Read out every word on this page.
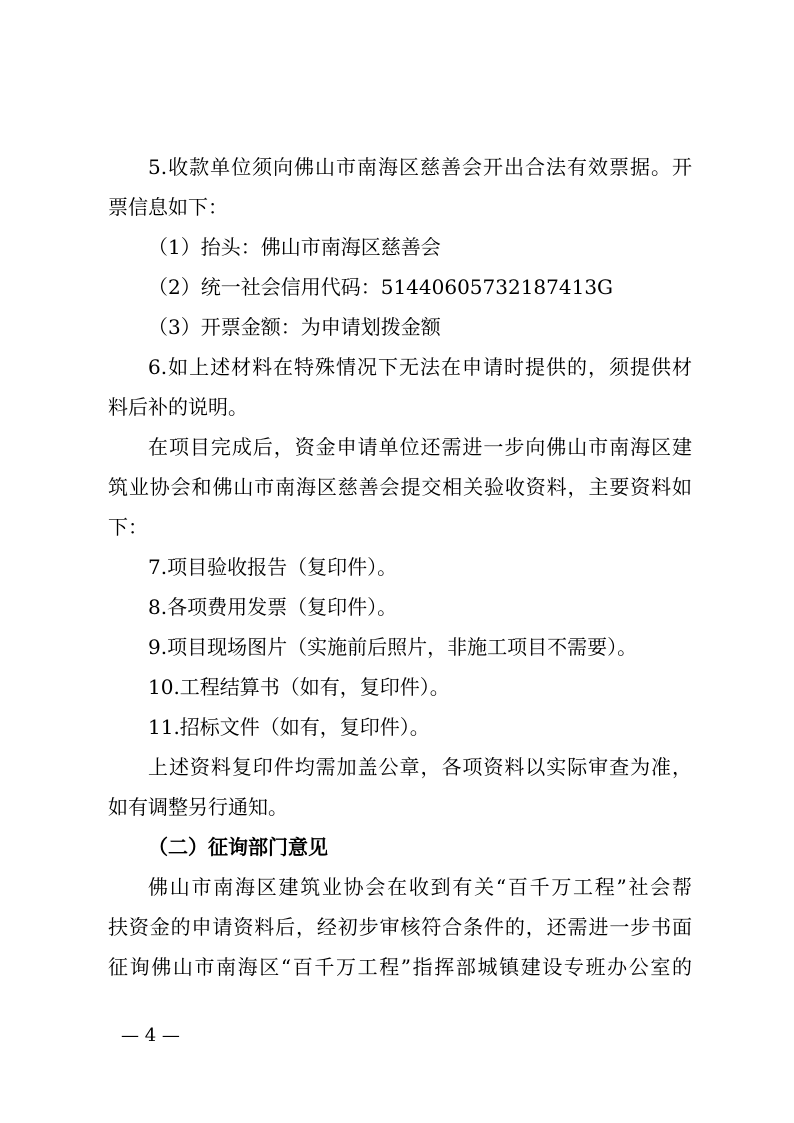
5.收款单位须向佛山市南海区慈善会开出合法有效票据。开
票信息如下：
（1）抬头：佛山市南海区慈善会
（2）统一社会信用代码：51440605732187413G
（3）开票金额：为申请划拨金额
6.如上述材料在特殊情况下无法在申请时提供的，须提供材
料后补的说明。
在项目完成后，资金申请单位还需进一步向佛山市南海区建
筑业协会和佛山市南海区慈善会提交相关验收资料，主要资料如
下：
7.项目验收报告（复印件）。
8.各项费用发票（复印件）。
9.项目现场图片（实施前后照片，非施工项目不需要）。
10.工程结算书（如有，复印件）。
11.招标文件（如有，复印件）。
上述资料复印件均需加盖公章，各项资料以实际审查为准，
如有调整另行通知。
（二）征询部门意见
佛山市南海区建筑业协会在收到有关“百千万工程”社会帮
扶资金的申请资料后，经初步审核符合条件的，还需进一步书面
征询佛山市南海区“百千万工程”指挥部城镇建设专班办公室的
— 4 —
